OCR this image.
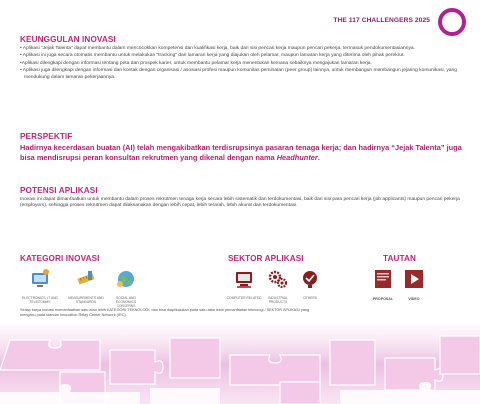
THE 117 CHALLENGERS 2025
KEUNGGULAN INOVASI
• Aplikasi “Jejak Talenta” dapat membantu dalam mencocokkan kompetensi dan kualifikasi kerja, baik dari sisi pencari kerja maupun pencari pekerja, termasuk pendokumentasiannya.
• Aplikasi ini juga secara otomatis membantu untuk melakukan “tracking” dari lamaran kerja yang diajukan oleh pelamar, maupun lamaran kerja yang diterima oleh pihak perekrut.
•Aplikasi dilengkapi dengan informasi tentang peta dan prospek karier, untuk membantu pelamar kerja menentukan kemana sebaiknya mengajukan lamaran kerja.
• Aplikasi juga dilengkapi dengan informasi dan kontak dengan organisasi / asosiasi profesi maupun komunitas peminatan (peer group) lainnya, untuk membangun membangun jejaring komunikasi, yang mendukung dalam lamaran pekerjaannya.
PERSPEKTIF

Hadirnya kecerdasan buatan (AI) telah mengakibatkan terdisrupsinya pasaran tenaga kerja; dan hadirnya “Jejak Talenta” juga bisa mendisrupsi peran konsultan rekrutmen yang dikenal dengan nama Headhunter.

POTENSI APLIKASI

Inovasi ini dapat dimanfaatkan untuk membantu dalam proses rekrutmen tenaga kerja secara lebih sistematik dan terdokumentasi, baik dari sisi para pencari kerja (job applicants) maupun pencari pekerja (employers), sehingga proses rekrutmen dapat dilaksanakan dengan lebih cepat, lebih terarah, lebih akurat dan terdokumentasi.

KATEGORI INOVASI
ELECTRONICS, IT AND TELECOMMS
MEASUREMENTS AND STANDARDS
SOCIAL AND ECONOMICS CONCERNS
SEKTOR APLIKASI
COMPUTER RELATED	INDUSTRIAL PRODUCTS
OTHERS
TAUTAN
PROPOSAL	VIDEO

Setiap karya inovasi memanfaatkan satu atau lebih KATEGORI TEKNOLOGI, dan bisa diaplikasikan pada satu atau lebih pemanfaatan teknologi / SEKTOR APLIKASI yang mengacu pada standar Innovation Relay Center Network (IRC).
